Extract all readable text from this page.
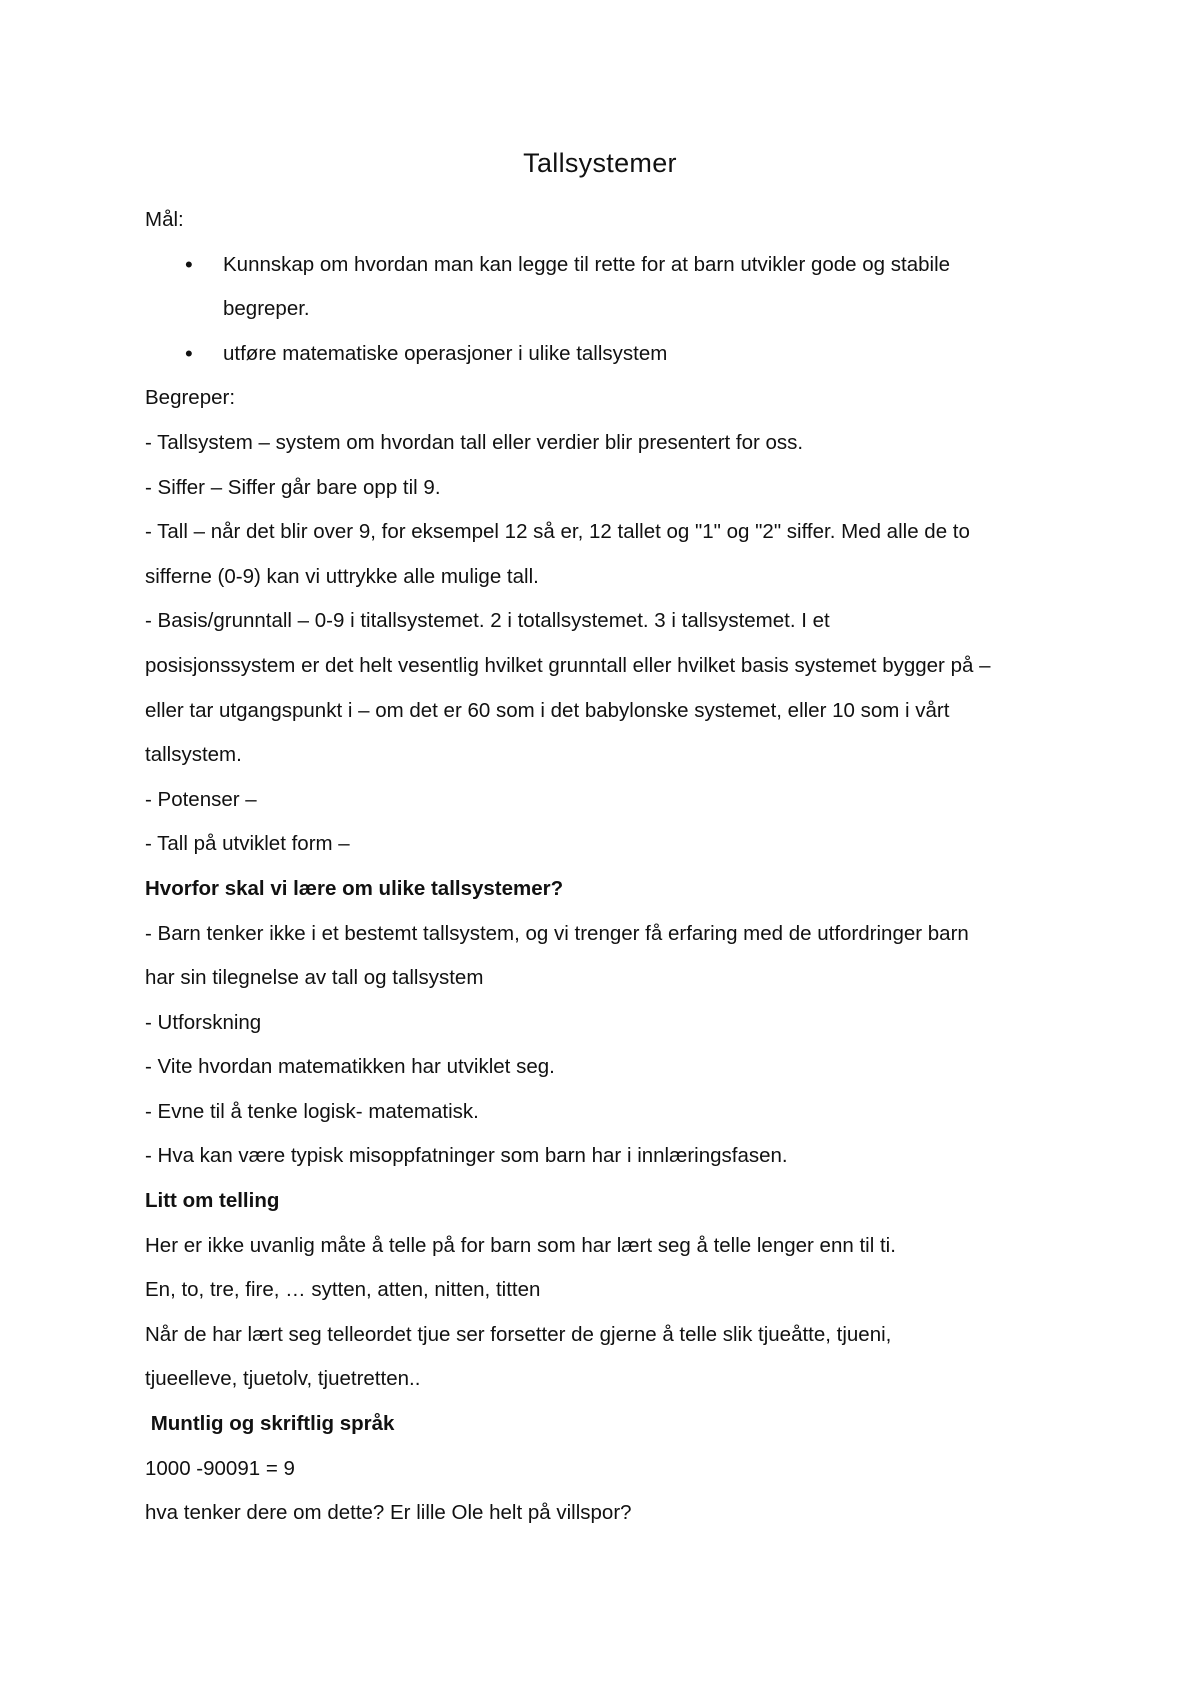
Tallsystemer
Mål:
• Kunnskap om hvordan man kan legge til rette for at barn utvikler gode og stabile
begreper.
• utføre matematiske operasjoner i ulike tallsystem
Begreper:
- Tallsystem – system om hvordan tall eller verdier blir presentert for oss.
- Siffer – Siffer går bare opp til 9.
- Tall – når det blir over 9, for eksempel 12 så er, 12 tallet og "1" og "2" siffer. Med alle de to
sifferne (0-9) kan vi uttrykke alle mulige tall.
- Basis/grunntall – 0-9 i titallsystemet. 2 i totallsystemet. 3 i tallsystemet. I et
posisjonssystem er det helt vesentlig hvilket grunntall eller hvilket basis systemet bygger på –
eller tar utgangspunkt i – om det er 60 som i det babylonske systemet, eller 10 som i vårt
tallsystem.
- Potenser –
- Tall på utviklet form –
Hvorfor skal vi lære om ulike tallsystemer?
- Barn tenker ikke i et bestemt tallsystem, og vi trenger få erfaring med de utfordringer barn
har sin tilegnelse av tall og tallsystem
- Utforskning
- Vite hvordan matematikken har utviklet seg.
- Evne til å tenke logisk- matematisk.
- Hva kan være typisk misoppfatninger som barn har i innlæringsfasen.
Litt om telling
Her er ikke uvanlig måte å telle på for barn som har lært seg å telle lenger enn til ti.
En, to, tre, fire, … sytten, atten, nitten, titten
Når de har lært seg telleordet tjue ser forsetter de gjerne å telle slik tjueåtte, tjueni,
tjueelleve, tjuetolv, tjuetretten..
Muntlig og skriftlig språk
1000 -90091 = 9
hva tenker dere om dette? Er lille Ole helt på villspor?
